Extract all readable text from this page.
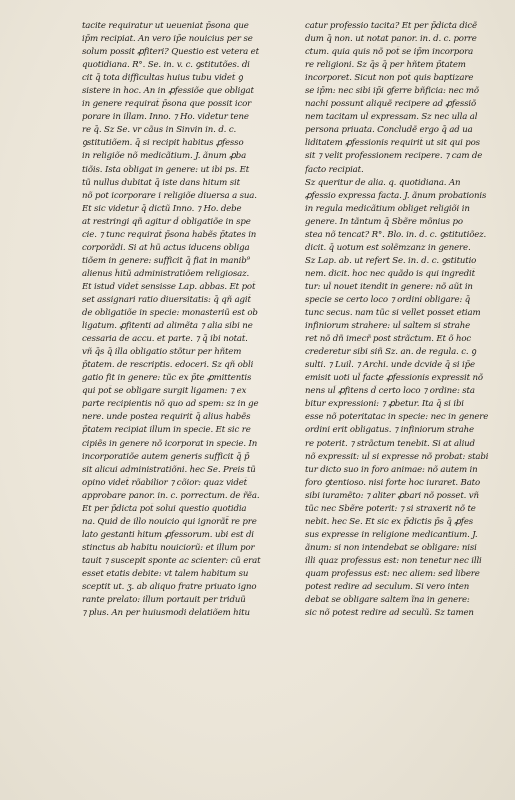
tacite requiratur ut ueueniat p̄sona que
ip̄m recipiat. An vero ip̄e nouicius per se
solum possit ꝓfiteri? Questio est vetera et
quotidiana. R°. Se. in. v. c. ꝯstitutões. di
cit q̄ tota difficultas huius tubu videt̄ ꝯ
sistere in hoc. An in ꝓfessiõe que obligat
in genere requirat̄ p̄sona que possit icor
porare in illam. Inno. ⁊ Ho. videtur tene
re q̄. Sz Se. vr cãus in Sinvin in. d. c.
ꝯstitutiõem. q̄ si recipit habitus ꝓfesso
in religiõe nõ medicãtium. J. ãnum ꝓba
tiõis. Ista obligat in genere: ut ibi ps. Et
tũ nullus dubitat q̄ iste dans hitum sit
nõ pot icorporare i religiõe diuersa a sua.
Et sic videtur q̄ dictũ Inno. ⁊ Ho. debe
at restringi qñ agitur d̄ obligatiõe in spe
cie. ⁊ tunc requirat̄ p̄sona habẽs p̄tates in
corporãdi. Si at hũ actus iducens obliga
tiõem in genere: sufficit q̄ fiat in manib⁹
alienus h̄itũ administratiõem religiosaz.
Et istud videt̄ sensisse Lap. abbas. Et pot̄
set assignari ratio diuersitatis: q̄ qñ agit̄
de obligatiõe in specie: monasteriũ est ob
ligatum. ꝓfitenti ad alimẽta ⁊ alia sibi ne
cessaria de accu. et parte. ⁊ q̄ ibi notat̄.
vñ q̄s q̄ illa obligatio stõtur per hñtem
p̄tatem. de rescriptis. edoceri. Sz qñ obli
gatio fit in genere: tũc ex p̄te ꝓmittentis
qui pot̄ se obligare surgit ligamen: ⁊ ex
parte recipientis nõ quo ad spem: sz in ge
nere. unde postea requirit̄ q̄ alius habẽs
p̄tatem recipiat illum in specie. Et sic re
cipiẽs in genere nõ icorporat in specie. In
incorporatiõe autem generis sufficit q̄ p̄
sit alicui administratiõni. hec Se. Preis tũ
opino videt̄ rõabilior ⁊ cõior: quaz videt̄
approbare panor. in. c. porrectum. de r̃ẽa.
Et per p̄dicta pot̄ solui questio quotidia
na. Quid de illo nouicio qui ignorãt̃ re pre
lato gestanti hitum ꝓfessorum. ubi est di
stinctus ab habitu nouiciorũ: et illum por
tauit ⁊ suscepit sponte ac scienter: cũ erat
esset etatis debite: vt talem habitum su
sceptit ut. ʒ. ab aliquo fratre priuato igno
rante prelato: illum portauit per triduũ
⁊ plus. An per huiusmodi delatiõem hitu
catur professio tacita? Et per p̄dicta dicẽ
dum q̄ non. ut notat panor. in. d. c. porre
ctum. quia quis nõ pot̄ se ip̄m incorpora
re religioni. Sz q̄s q̄ per hñtem p̄tatem
incorporet. Sicut non pot̄ quis baptizare
se ip̄m: nec sibi ip̄i ꝯferre bñficia: nec mõ
nachi possunt aliquẽ recipere ad ꝓfessiõ
nem tacitam ul̄ expressam. Sz nec ulla al
persona priuata. Concludẽ ergo q̄ ad ua
liditatem ꝓfessionis requirit̄ ut sit qui pos
sit ⁊ velit professionem recipere. ⁊ cam de
facto recipiat.
Sz queritur de alia. q. quotidiana. An
ꝓfessio expressa facta. J. ãnum probationis
in regula medicãtium obliget religiõi in
genere. In tãntum q̄ Sbẽre mõnius po
stea nõ tencat? R°. Blo. in. d. c. ꝯstitutiõez.
dicit. q̄ uotum est solẽmzanz in genere.
Sz Lap. ab. ut refert Se. in. d. c. ꝯstitutio
nem. dicit. hoc nec quãdo is qui ingredit̄
tur: ul̄ nouet itendit in genere: nõ aũt in
specie se certo loco ⁊ ordini obligare: q̄
tunc secus. nam tũc si vellet posset etiam
infiniorum strahere: ul̄ saltem si strahe
ret nõ dñ imecr̃ post strãctum. Et õ hoc
crederetur sibi siñ Sz. an. de regula. c. ꝯ
sulti. ⁊ Luil. ⁊ Archi. unde dcvide q̄ si ip̄e
emisit uoti ul̄ facte ꝓfessionis expressit nõ
nens ul̄ ꝓfitens d̄ certo loco ⁊ ordine: sta
bitur expressioni: ⁊ ꝓbetur. Ita q̄ si ibi
esse nõ poteritatac in specie: nec in genere
ordini erit obligatus. ⁊ infiniorum strahe
re poterit. ⁊ strãctum tenebit. Si at aliud
nõ expressit: ul̄ si expresse nõ probat: stabi
tur dicto suo in foro animae: nõ autem in
foro ꝯtentioso. nisi forte hoc iuraret. Bato
sibi iuramẽto: ⁊ aliter ꝓbari nõ posset. vñ
tũc nec Sbẽre poterit: ⁊ si straxerit nõ te
nebit. hec Se. Et sic ex p̄dictis p̄s q̄ ꝓfes
sus expresse in religione medicantium. J.
ãnum: si non intendebat se obligare: nisi
illi quaz professus est: non tenetur nec illi
quam professus est: nec aliem: sed libere
potest redire ad seculum. Si vero inten
debat se obligare saltem ĩna in genere:
sic nõ potest redire ad seculũ. Sz tamen
